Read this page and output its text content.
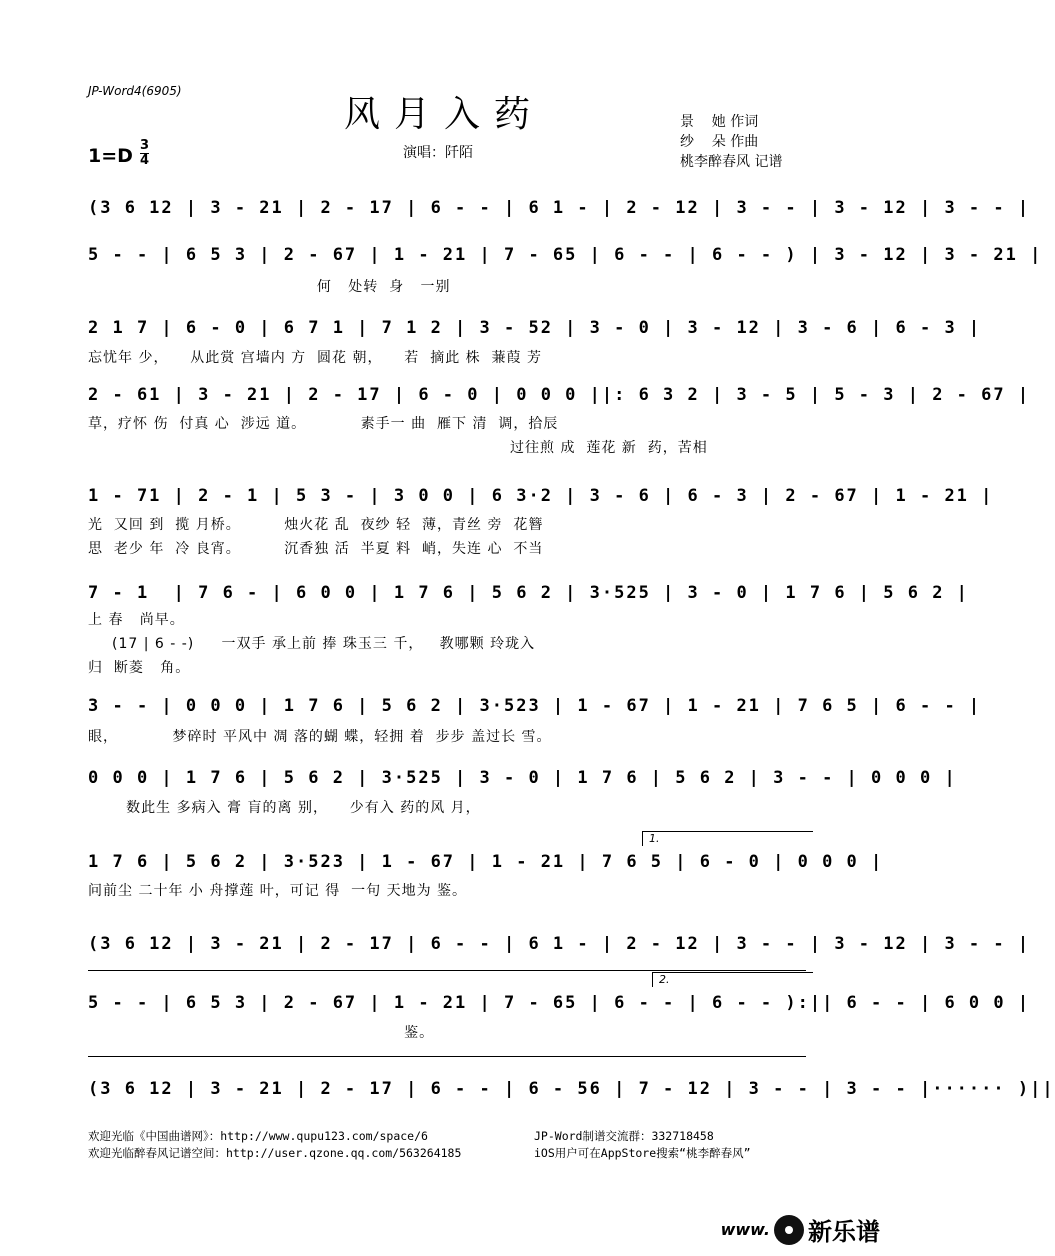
JP-Word4(6905)
风月入药
1=D 3
4	演唱：阡陌
景    她 作词
纱    朵 作曲
桃李醉春风 记谱
(3 6 12 | 3 - 21 | 2 - 17 | 6 - - | 6 1 - | 2 - 12 | 3 - - | 3 - 12 | 3 - - |
5 - - | 6 5 3 | 2 - 67 | 1 - 21 | 7 - 65 | 6 - - | 6 - - ) | 3 - 12 | 3 - 21 |
何   处转  身   一别
2 1 7 | 6 - 0 | 6 7 1 | 7 1 2 | 3 - 52 | 3 - 0 | 3 - 12 | 3 - 6 | 6 - 3 |
忘忧年 少，    从此赏 宫墙内 方  圆花 朝，    若  摘此 株  蒹葭 芳
2 - 61 | 3 - 21 | 2 - 17 | 6 - 0 | 0 0 0 ||: 6 3 2 | 3 - 5 | 5 - 3 | 2 - 67 |
草，疗怀 伤  付真 心  涉远 道。          素手一 曲  雁下 清  调，拾辰
过往煎 成  莲花 新  药，苦相
1 - 71 | 2 - 1 | 5 3 - | 3 0 0 | 6 3·2 | 3 - 6 | 6 - 3 | 2 - 67 | 1 - 21 |
光  又回 到  揽 月桥。        烛火花 乱  夜纱 轻  薄，青丝 旁  花簪
思  老少 年  冷 良宵。        沉香独 活  半夏 料  峭，失连 心  不当
7 - 1  | 7 6 - | 6 0 0 | 1 7 6 | 5 6 2 | 3·525 | 3 - 0 | 1 7 6 | 5 6 2 |
上 春   尚早。
(17 | 6 - -)     一双手 承上前 捧 珠玉三 千，   教哪颗 玲珑入
归  断菱   角。
3 - - | 0 0 0 | 1 7 6 | 5 6 2 | 3·523 | 1 - 67 | 1 - 21 | 7 6 5 | 6 - - |
眼，          梦碎时 平风中 凋 落的蝴 蝶，轻拥 着  步步 盖过长 雪。
0 0 0 | 1 7 6 | 5 6 2 | 3·525 | 3 - 0 | 1 7 6 | 5 6 2 | 3 - - | 0 0 0 |
数此生 多病入 膏 肓的离 别，    少有入 药的风 月，
1.
1 7 6 | 5 6 2 | 3·523 | 1 - 67 | 1 - 21 | 7 6 5 | 6 - 0 | 0 0 0 |
问前尘 二十年 小 舟撑莲 叶，可记 得  一句 天地为 鉴。
(3 6 12 | 3 - 21 | 2 - 17 | 6 - - | 6 1 - | 2 - 12 | 3 - - | 3 - 12 | 3 - - |
2.
5 - - | 6 5 3 | 2 - 67 | 1 - 21 | 7 - 65 | 6 - - | 6 - - ):|| 6 - - | 6 0 0 |
鉴。
(3 6 12 | 3 - 21 | 2 - 17 | 6 - - | 6 - 56 | 7 - 12 | 3 - - | 3 - - |······ )||
欢迎光临《中国曲谱网》：http://www.qupu123.com/space/6
欢迎光临醉春风记谱空间：http://user.qzone.qq.com/563264185
JP-Word制谱交流群：332718458
iOS用户可在AppStore搜索“桃李醉春风”
www. 新乐谱
